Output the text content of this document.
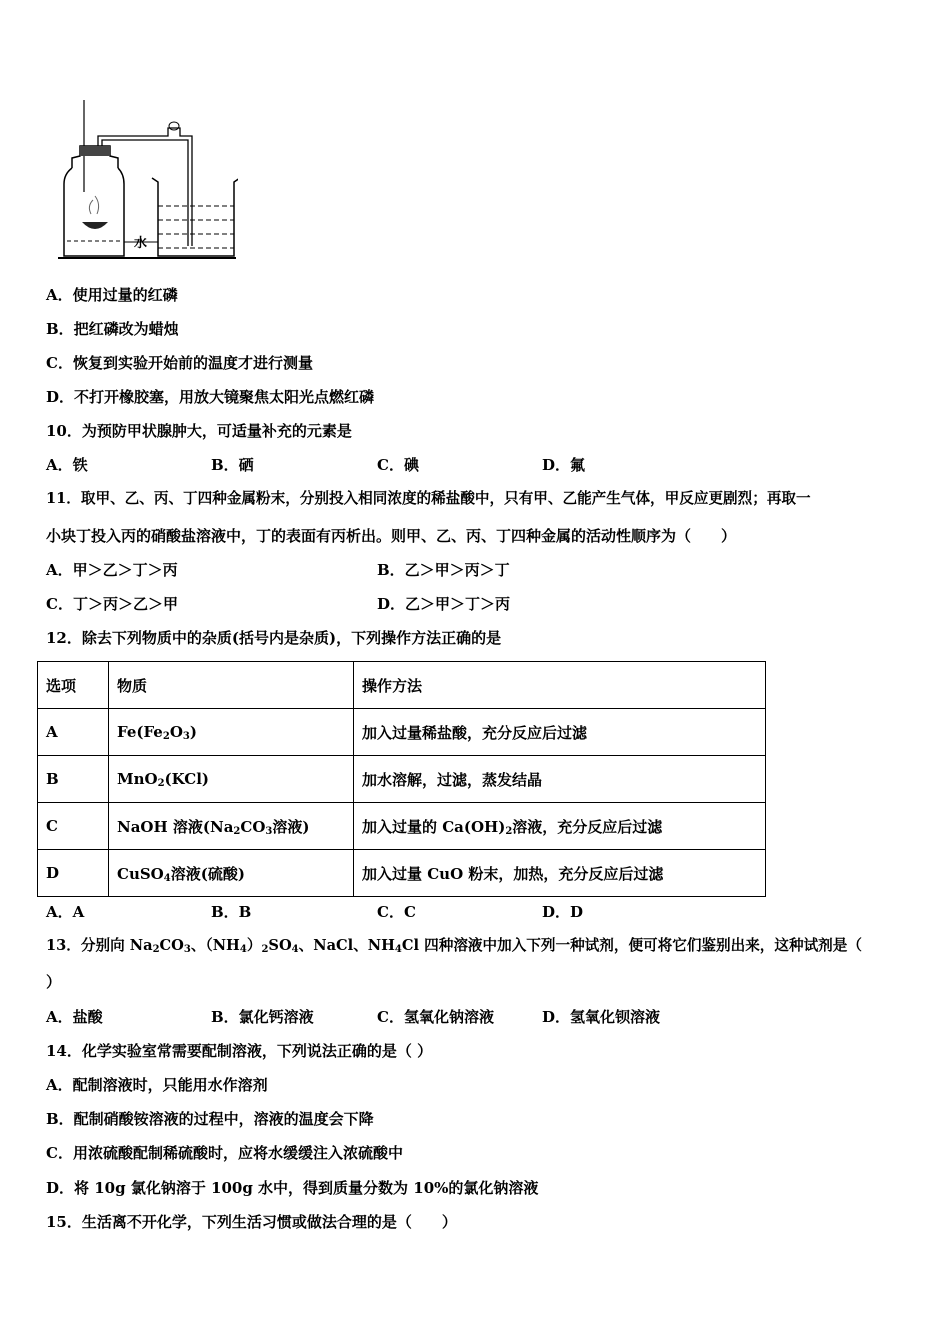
水
A．使用过量的红磷
B．把红磷改为蜡烛
C．恢复到实验开始前的温度才进行测量
D．不打开橡胶塞，用放大镜聚焦太阳光点燃红磷
10．为预防甲状腺肿大，可适量补充的元素是
A．铁	B．硒	C．碘	D．氟
11．取甲、乙、丙、丁四种金属粉末，分别投入相同浓度的稀盐酸中，只有甲、乙能产生气体，甲反应更剧烈；再取一
小块丁投入丙的硝酸盐溶液中，丁的表面有丙析出。则甲、乙、丙、丁四种金属的活动性顺序为（　　）
A．甲＞乙＞丁＞丙	B．乙＞甲＞丙＞丁
C．丁＞丙＞乙＞甲	D．乙＞甲＞丁＞丙
12．除去下列物质中的杂质(括号内是杂质)，下列操作方法正确的是
选项	物质	操作方法
A	$Fe(Fe_2O_3)$	加入过量稀盐酸，充分反应后过滤
B	MnO$_2$(KCl)	加水溶解，过滤，蒸发结晶
C	NaOH 溶液($Na_2CO_3$溶液)	加入过量的 $Ca(OH)_2$溶液，充分反应后过滤
D	CuSO$_4$溶液(硫酸)	加入过量 CuO 粉末，加热，充分反应后过滤
A．A	B．B	C．C	D．D
13．分别向 $Na_2CO_3$、$(NH_4)_2SO_4$、NaCl、$NH_4Cl$ 四种溶液中加入下列一种试剂，便可将它们鉴别出来，这种试剂是（
）
A．盐酸	B．氯化钙溶液	C．氢氧化钠溶液	D．氢氧化钡溶液
14．化学实验室常需要配制溶液，下列说法正确的是（ ）
A．配制溶液时，只能用水作溶剂
B．配制硝酸铵溶液的过程中，溶液的温度会下降
C．用浓硫酸配制稀硫酸时，应将水缓缓注入浓硫酸中
D．将 10g 氯化钠溶于 100g 水中，得到质量分数为 10%的氯化钠溶液
15．生活离不开化学，下列生活习惯或做法合理的是（　　）
